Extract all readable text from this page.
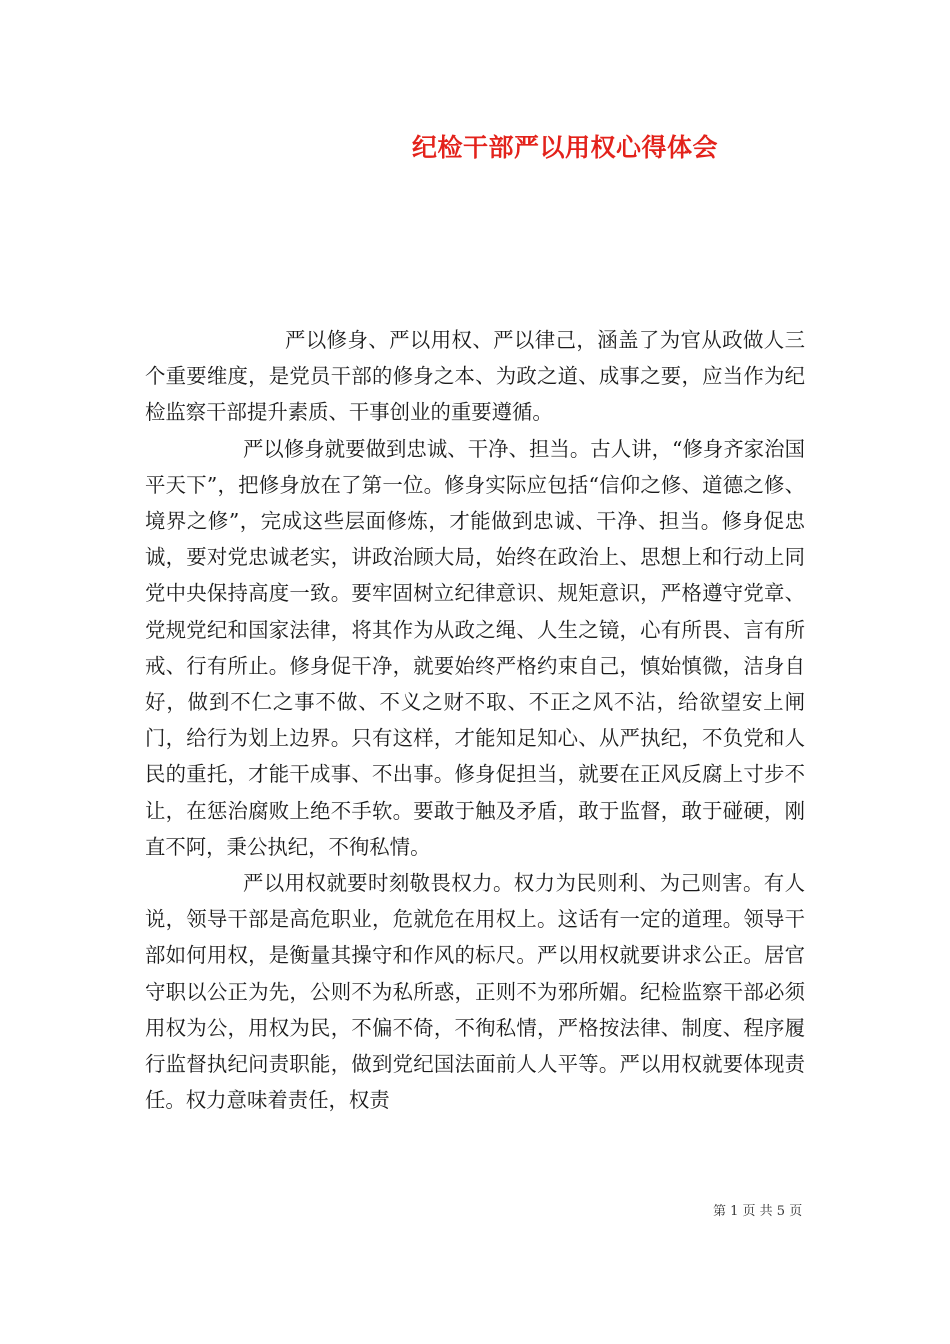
纪检干部严以用权心得体会

严以修身、严以用权、严以律己，涵盖了为官从政做人三个重要维度，是党员干部的修身之本、为政之道、成事之要，应当作为纪检监察干部提升素质、干事创业的重要遵循。

严以修身就要做到忠诚、干净、担当。古人讲，“修身齐家治国平天下”，把修身放在了第一位。修身实际应包括“信仰之修、道德之修、境界之修”，完成这些层面修炼，才能做到忠诚、干净、担当。修身促忠诚，要对党忠诚老实，讲政治顾大局，始终在政治上、思想上和行动上同党中央保持高度一致。要牢固树立纪律意识、规矩意识，严格遵守党章、党规党纪和国家法律，将其作为从政之绳、人生之镜，心有所畏、言有所戒、行有所止。修身促干净，就要始终严格约束自己，慎始慎微，洁身自好，做到不仁之事不做、不义之财不取、不正之风不沾，给欲望安上闸门，给行为划上边界。只有这样，才能知足知心、从严执纪，不负党和人民的重托，才能干成事、不出事。修身促担当，就要在正风反腐上寸步不让，在惩治腐败上绝不手软。要敢于触及矛盾，敢于监督，敢于碰硬，刚直不阿，秉公执纪，不徇私情。

严以用权就要时刻敬畏权力。权力为民则利、为己则害。有人说，领导干部是高危职业，危就危在用权上。这话有一定的道理。领导干部如何用权，是衡量其操守和作风的标尺。严以用权就要讲求公正。居官守职以公正为先，公则不为私所惑，正则不为邪所媚。纪检监察干部必须用权为公，用权为民，不偏不倚，不徇私情，严格按法律、制度、程序履行监督执纪问责职能，做到党纪国法面前人人平等。严以用权就要体现责任。权力意味着责任，权责

第 1 页 共 5 页
